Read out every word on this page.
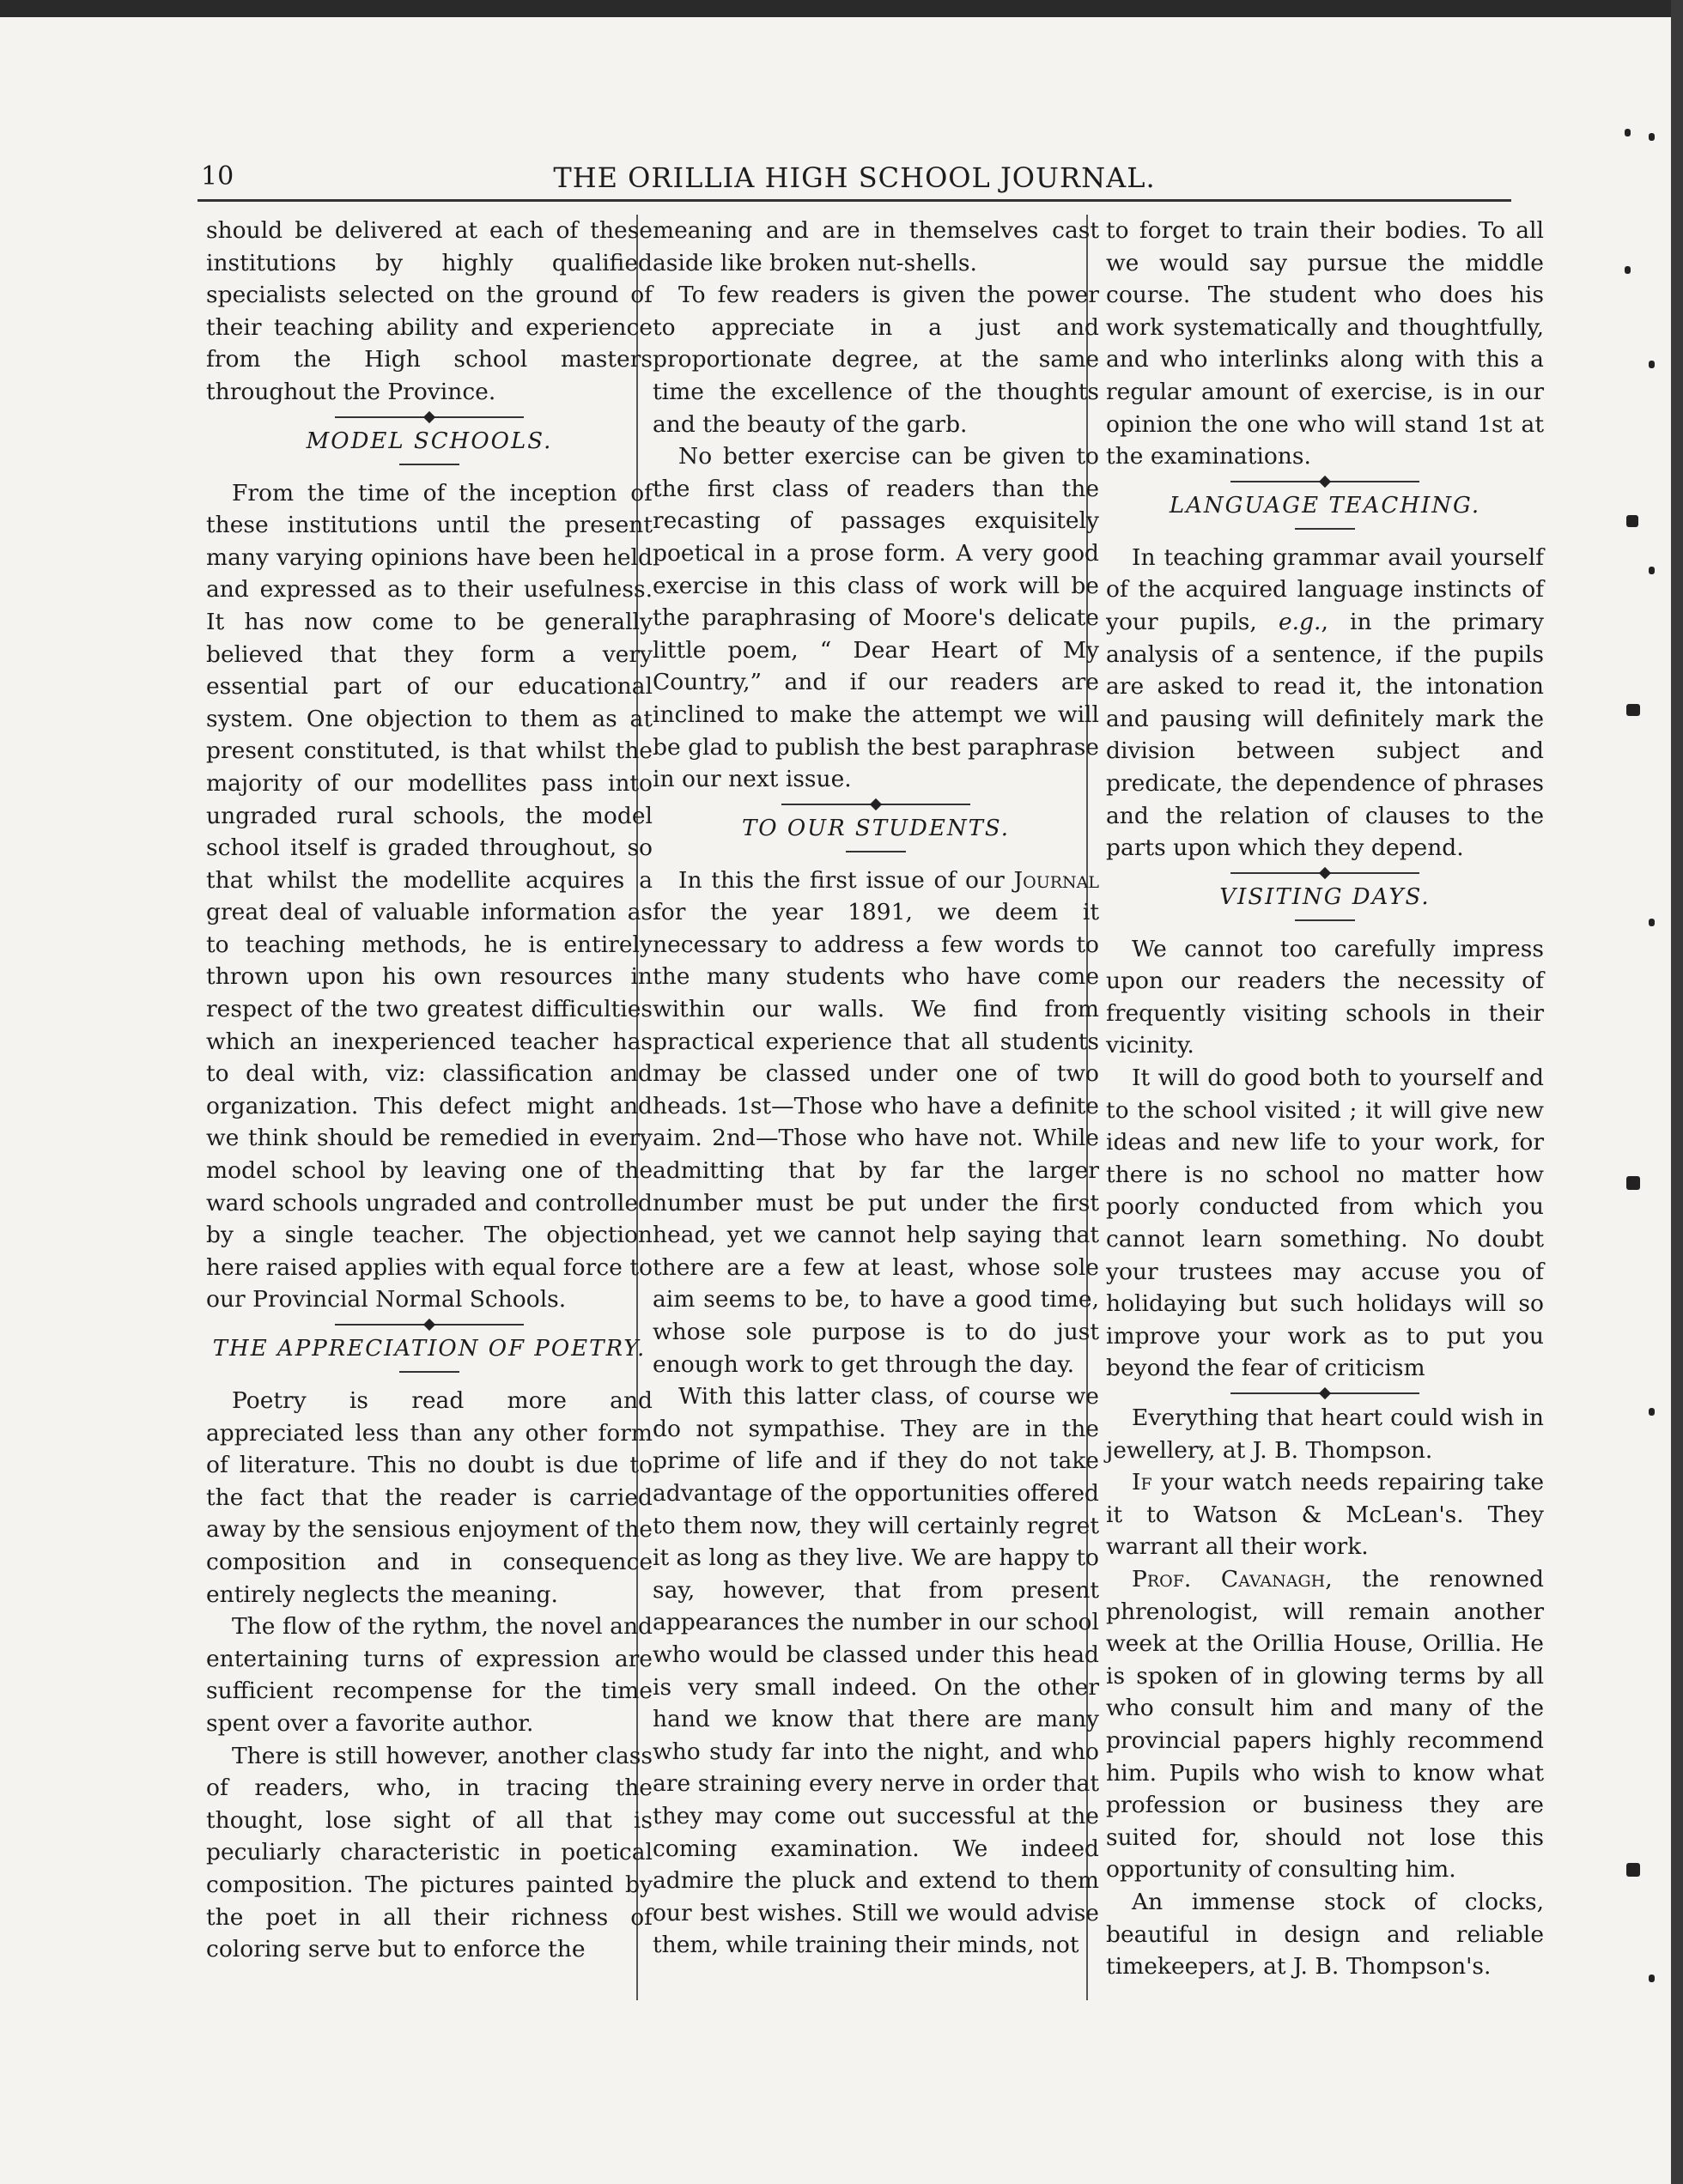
10	THE ORILLIA HIGH SCHOOL JOURNAL.

should be delivered at each of these institutions by highly qualified specialists selected on the ground of their teaching ability and experience from the High school masters throughout the Province.

MODEL SCHOOLS.

From the time of the inception of these institutions until the present many varying opinions have been held and expressed as to their usefulness. It has now come to be generally believed that they form a very essential part of our educational system. One objection to them as at present constituted, is that whilst the majority of our modellites pass into ungraded rural schools, the model school itself is graded throughout, so that whilst the modellite acquires a great deal of valuable information as to teaching methods, he is entirely thrown upon his own resources in respect of the two greatest difficulties which an inexperienced teacher has to deal with, viz: classification and organization. This defect might and we think should be remedied in every model school by leaving one of the ward schools ungraded and controlled by a single teacher. The objection here raised applies with equal force to our Provincial Normal Schools.

THE APPRECIATION OF POETRY.

Poetry is read more and appreciated less than any other form of literature. This no doubt is due to the fact that the reader is carried away by the sensious enjoyment of the composition and in consequence entirely neglects the meaning.

The flow of the rythm, the novel and entertaining turns of expression are sufficient recompense for the time spent over a favorite author.

There is still however, another class of readers, who, in tracing the thought, lose sight of all that is peculiarly characteristic in poetical composition. The pictures painted by the poet in all their richness of coloring serve but to enforce the

meaning and are in themselves cast aside like broken nut-shells.

To few readers is given the power to appreciate in a just and proportionate degree, at the same time the excellence of the thoughts and the beauty of the garb.

No better exercise can be given to the first class of readers than the recasting of passages exquisitely poetical in a prose form. A very good exercise in this class of work will be the paraphrasing of Moore's delicate little poem, “ Dear Heart of My Country,” and if our readers are inclined to make the attempt we will be glad to publish the best paraphrase in our next issue.

TO OUR STUDENTS.

In this the first issue of our Journal for the year 1891, we deem it necessary to address a few words to the many students who have come within our walls. We find from practical experience that all students may be classed under one of two heads. 1st—Those who have a definite aim. 2nd—Those who have not. While admitting that by far the larger number must be put under the first head, yet we cannot help saying that there are a few at least, whose sole aim seems to be, to have a good time, whose sole purpose is to do just enough work to get through the day.

With this latter class, of course we do not sympathise. They are in the prime of life and if they do not take advantage of the opportunities offered to them now, they will certainly regret it as long as they live. We are happy to say, however, that from present appearances the number in our school who would be classed under this head is very small indeed. On the other hand we know that there are many who study far into the night, and who are straining every nerve in order that they may come out successful at the coming examination. We indeed admire the pluck and extend to them our best wishes. Still we would advise them, while training their minds, not

to forget to train their bodies. To all we would say pursue the middle course. The student who does his work systematically and thoughtfully, and who interlinks along with this a regular amount of exercise, is in our opinion the one who will stand 1st at the examinations.

LANGUAGE TEACHING.

In teaching grammar avail yourself of the acquired language instincts of your pupils, e.g., in the primary analysis of a sentence, if the pupils are asked to read it, the intonation and pausing will definitely mark the division between subject and predicate, the dependence of phrases and the relation of clauses to the parts upon which they depend.

VISITING DAYS.

We cannot too carefully impress upon our readers the necessity of frequently visiting schools in their vicinity.

It will do good both to yourself and to the school visited ; it will give new ideas and new life to your work, for there is no school no matter how poorly conducted from which you cannot learn something. No doubt your trustees may accuse you of holidaying but such holidays will so improve your work as to put you beyond the fear of criticism

Everything that heart could wish in jewellery, at J. B. Thompson.

If your watch needs repairing take it to Watson & McLean's. They warrant all their work.

Prof. Cavanagh, the renowned phrenologist, will remain another week at the Orillia House, Orillia. He is spoken of in glowing terms by all who consult him and many of the provincial papers highly recommend him. Pupils who wish to know what profession or business they are suited for, should not lose this opportunity of consulting him.

An immense stock of clocks, beautiful in design and reliable timekeepers, at J. B. Thompson's.
